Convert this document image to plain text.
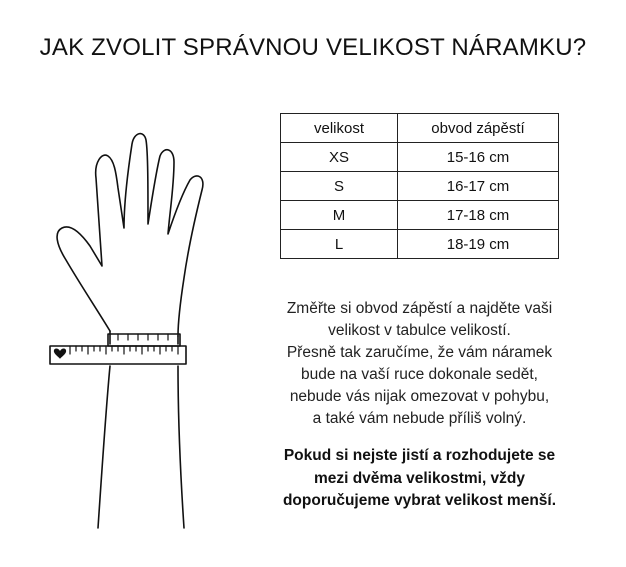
JAK ZVOLIT SPRÁVNOU VELIKOST NÁRAMKU?
velikost	obvod zápěstí
XS	15-16 cm
S	16-17 cm
M	17-18 cm
L	18-19 cm
Změřte si obvod zápěstí a najděte vaši
velikost v tabulce velikostí.
Přesně tak zaručíme, že vám náramek
bude na vaší ruce dokonale sedět,
nebude vás nijak omezovat v pohybu,
a také vám nebude příliš volný.
Pokud si nejste jistí a rozhodujete se
mezi dvěma velikostmi, vždy
doporučujeme vybrat velikost menší.
